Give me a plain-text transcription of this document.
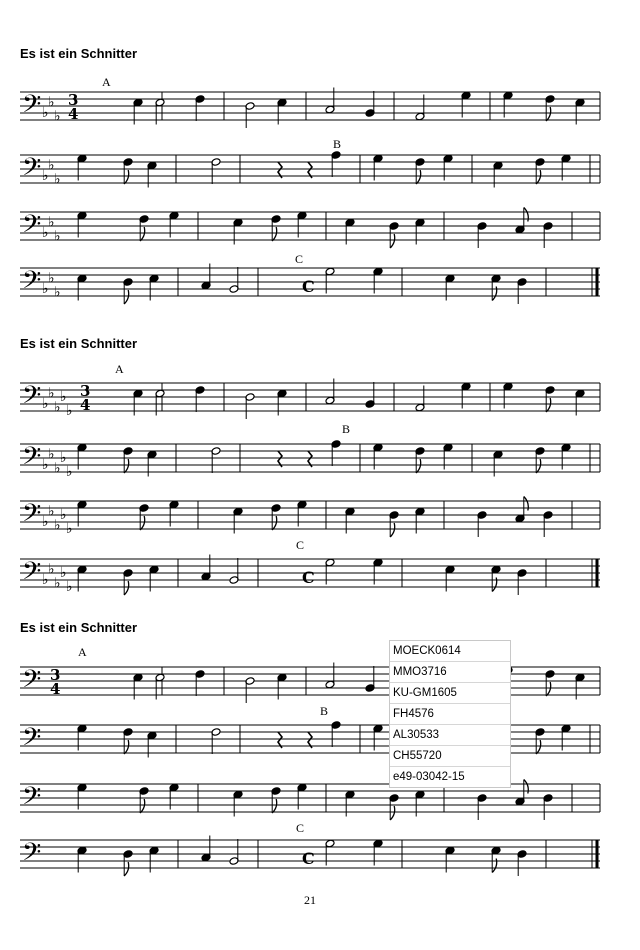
Es ist ein Schnitter
𝄢 ♭
♭
♭
3
4
𝄢 ♭
♭
♭
𝄢 ♭
♭
♭
𝄢 ♭
♭
♭	C
A
B
C
Es ist ein Schnitter
𝄢 ♭
♭
♭
♭
♭
3
4
𝄢 ♭
♭
♭
♭
♭
𝄢 ♭
♭
♭
♭
♭
𝄢 ♭
♭
♭
♭
♭	C
A
B
C
Es ist ein Schnitter
𝄢 3
4
𝄢
𝄢
𝄢	C
A
B
C
MOECK0614
MMO3716
KU-GM1605
FH4576
AL30533
CH55720
e49-03042-15
21
